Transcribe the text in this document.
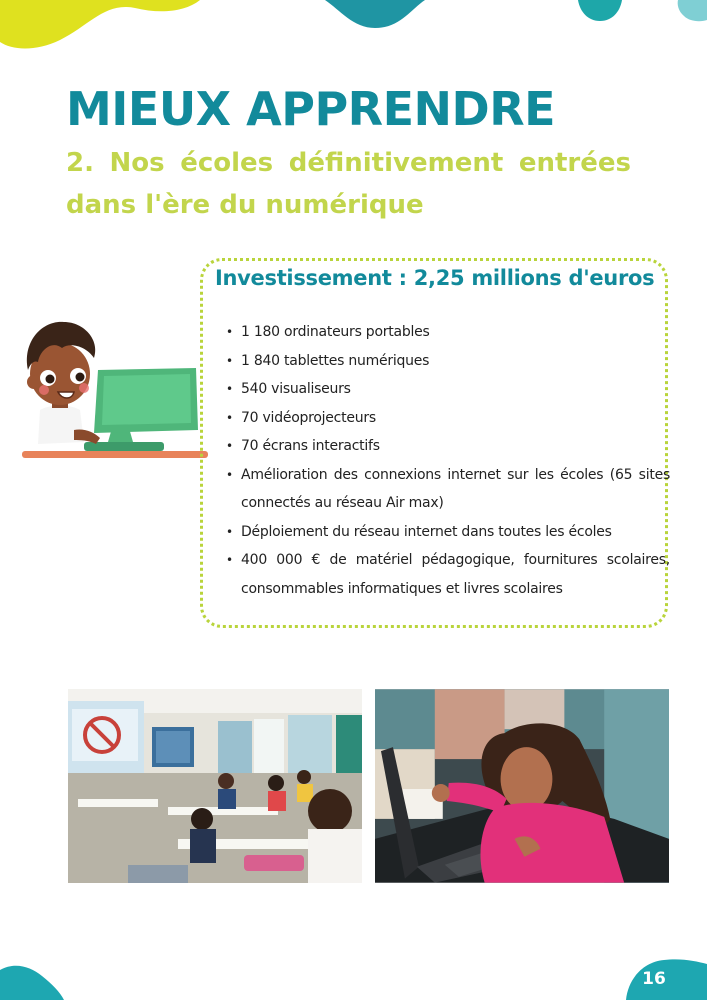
16
MIEUX APPRENDRE

2. Nos écoles définitivement entrées dans l'ère du numérique

Investissement : 2,25 millions d'euros
• 1 180 ordinateurs portables
• 1 840 tablettes numériques
• 540 visualiseurs
• 70 vidéoprojecteurs
• 70 écrans interactifs
• Amélioration des connexions internet sur les écoles (65 sites connectés au réseau Air max)
• Déploiement du réseau internet dans toutes les écoles
• 400 000 € de matériel pédagogique, fournitures scolaires, consommables informatiques et livres scolaires
